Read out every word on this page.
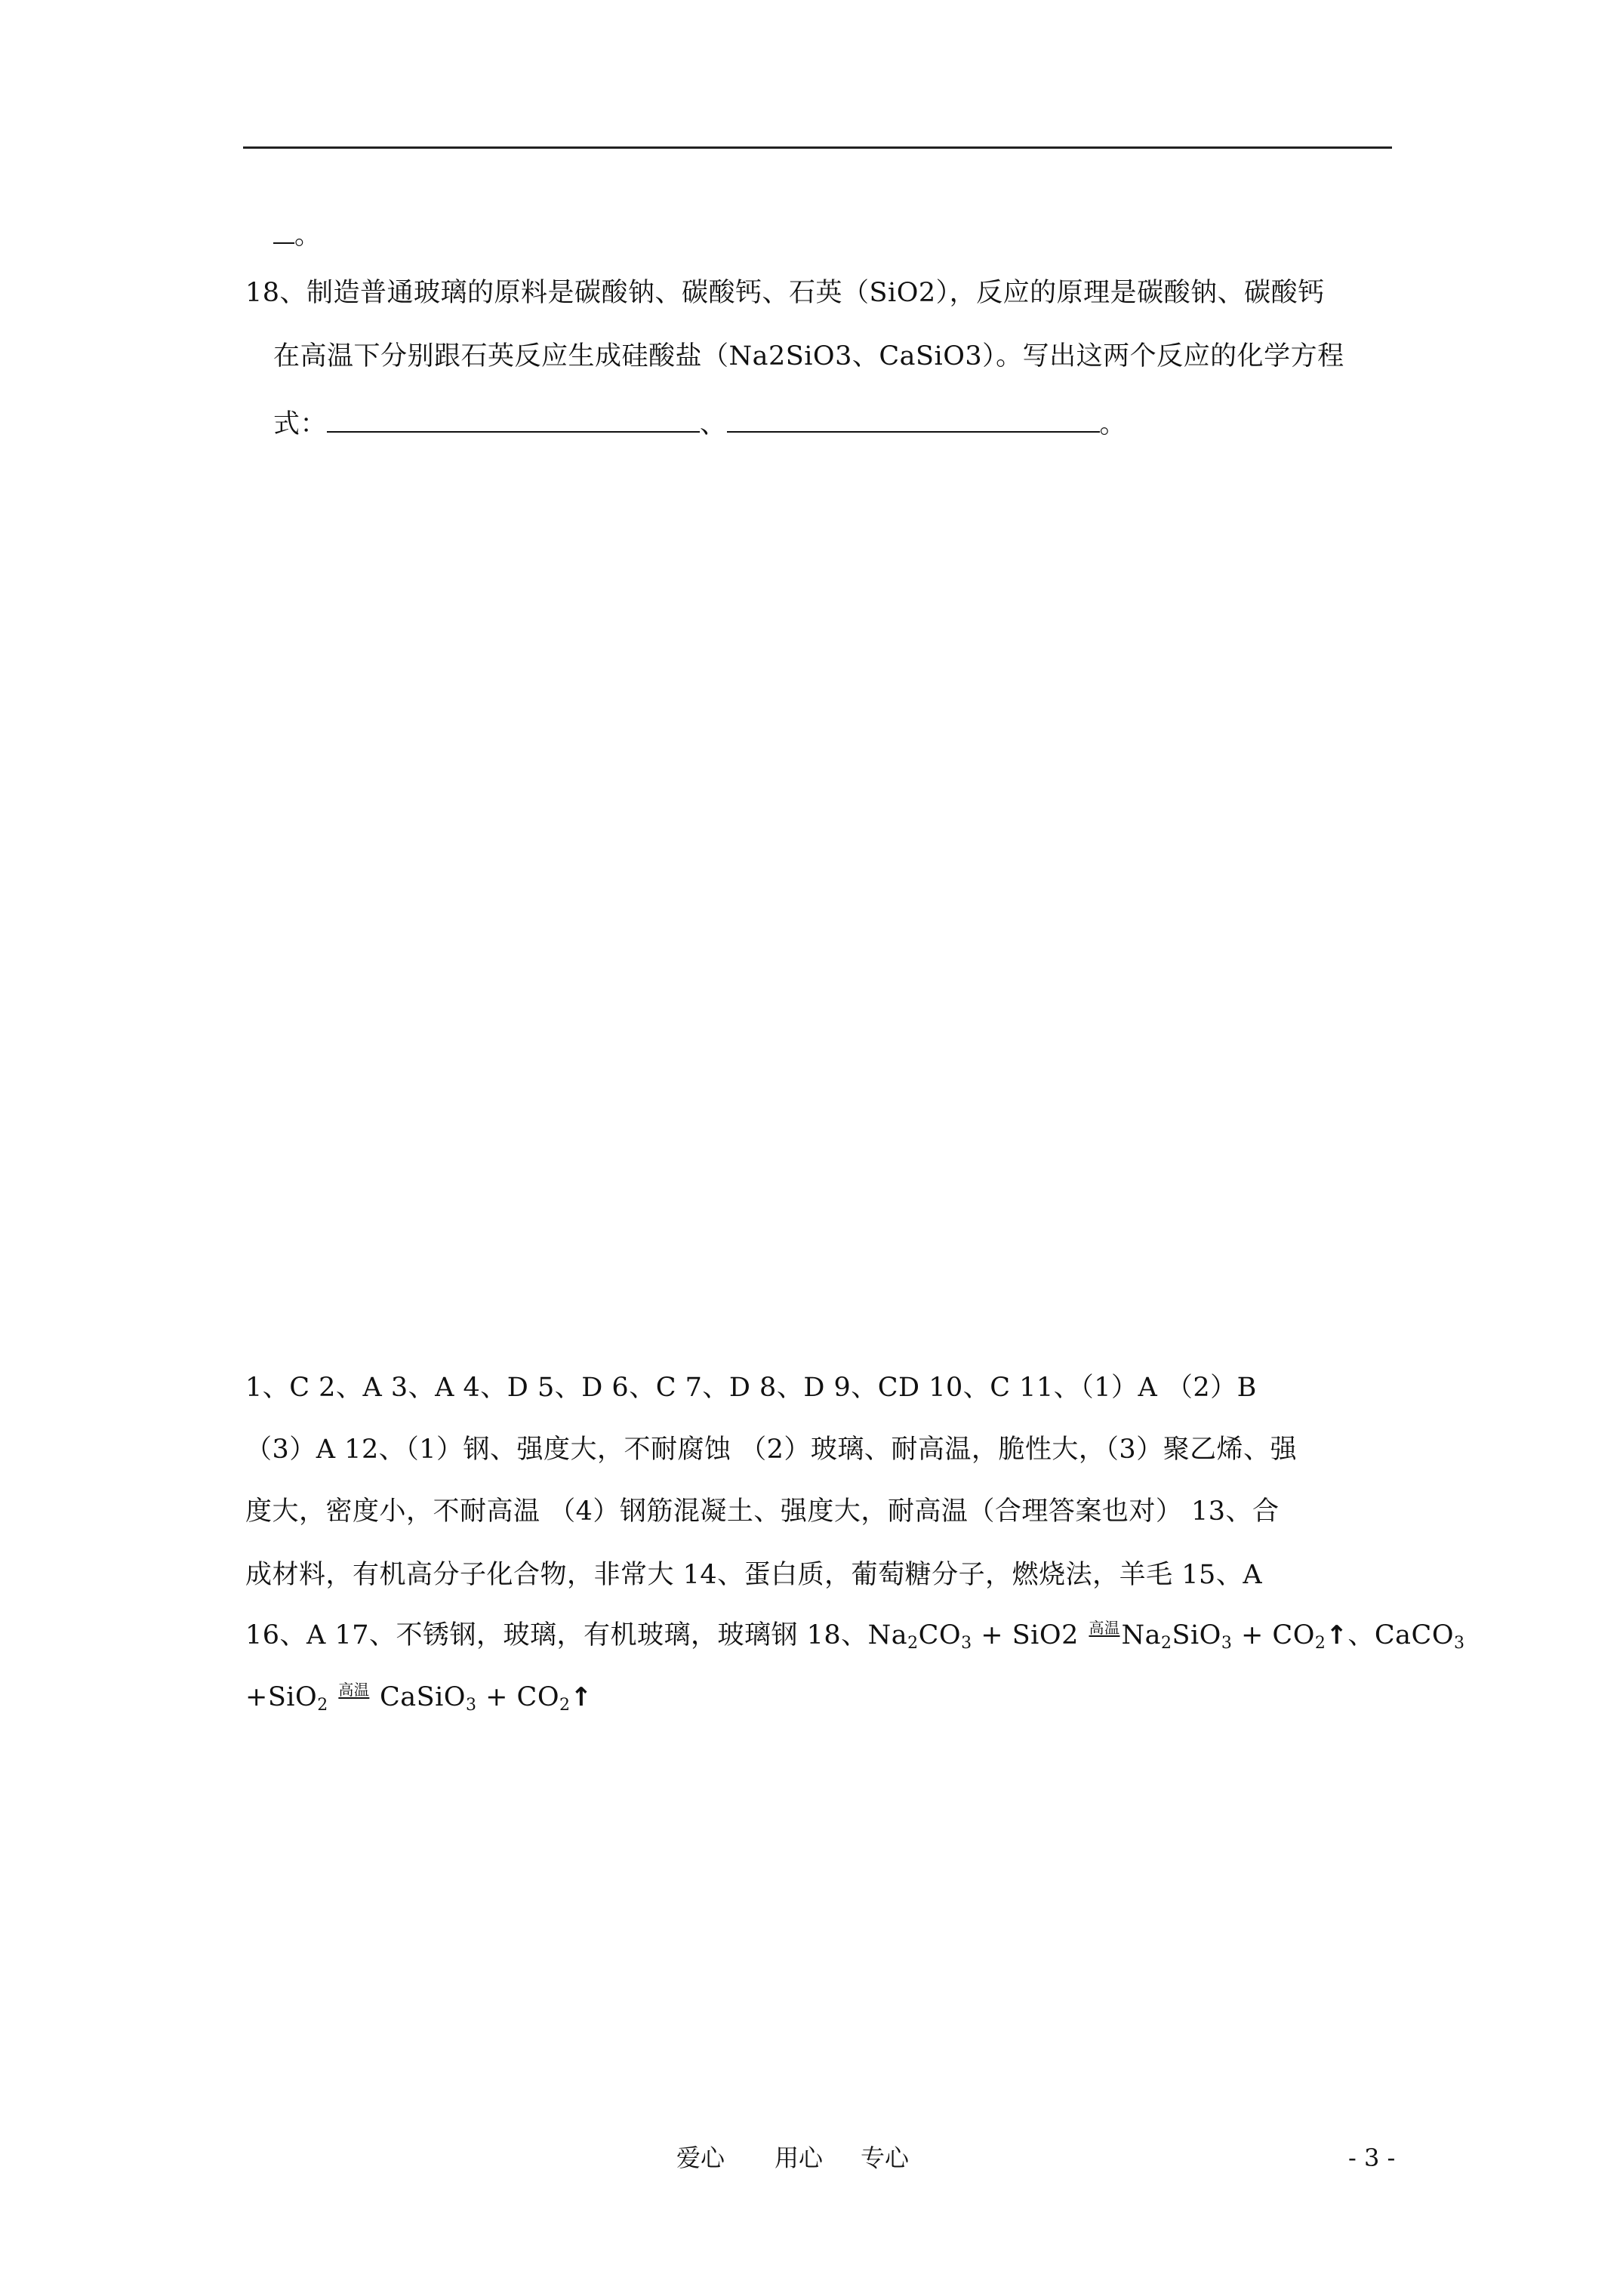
。
18、制造普通玻璃的原料是碳酸钠、碳酸钙、石英（SiO2），反应的原理是碳酸钠、碳酸钙
在高温下分别跟石英反应生成硅酸盐（Na2SiO3、CaSiO3）。写出这两个反应的化学方程
式：	、	。
1、C 2、A 3、A 4、D 5、D 6、C 7、D 8、D 9、CD 10、C 11、（1）A （2）B
（3）A 12、（1）钢、强度大，不耐腐蚀 （2）玻璃、耐高温，脆性大，（3）聚乙烯、强
度大，密度小，不耐高温 （4）钢筋混凝土、强度大，耐高温（合理答案也对） 13、合
成材料，有机高分子化合物，非常大 14、蛋白质，葡萄糖分子，燃烧法，羊毛 15、A
16、A 17、不锈钢，玻璃，有机玻璃，玻璃钢 18、$Na_2CO_3 + SiO2$ 高温 $Na_2SiO_3$ + $CO_2↑$、CaCO$_3$
+SiO$_2$
高温 CaSiO$_3$ + $CO_2↑$
爱心 用心 专心	- 3 -
